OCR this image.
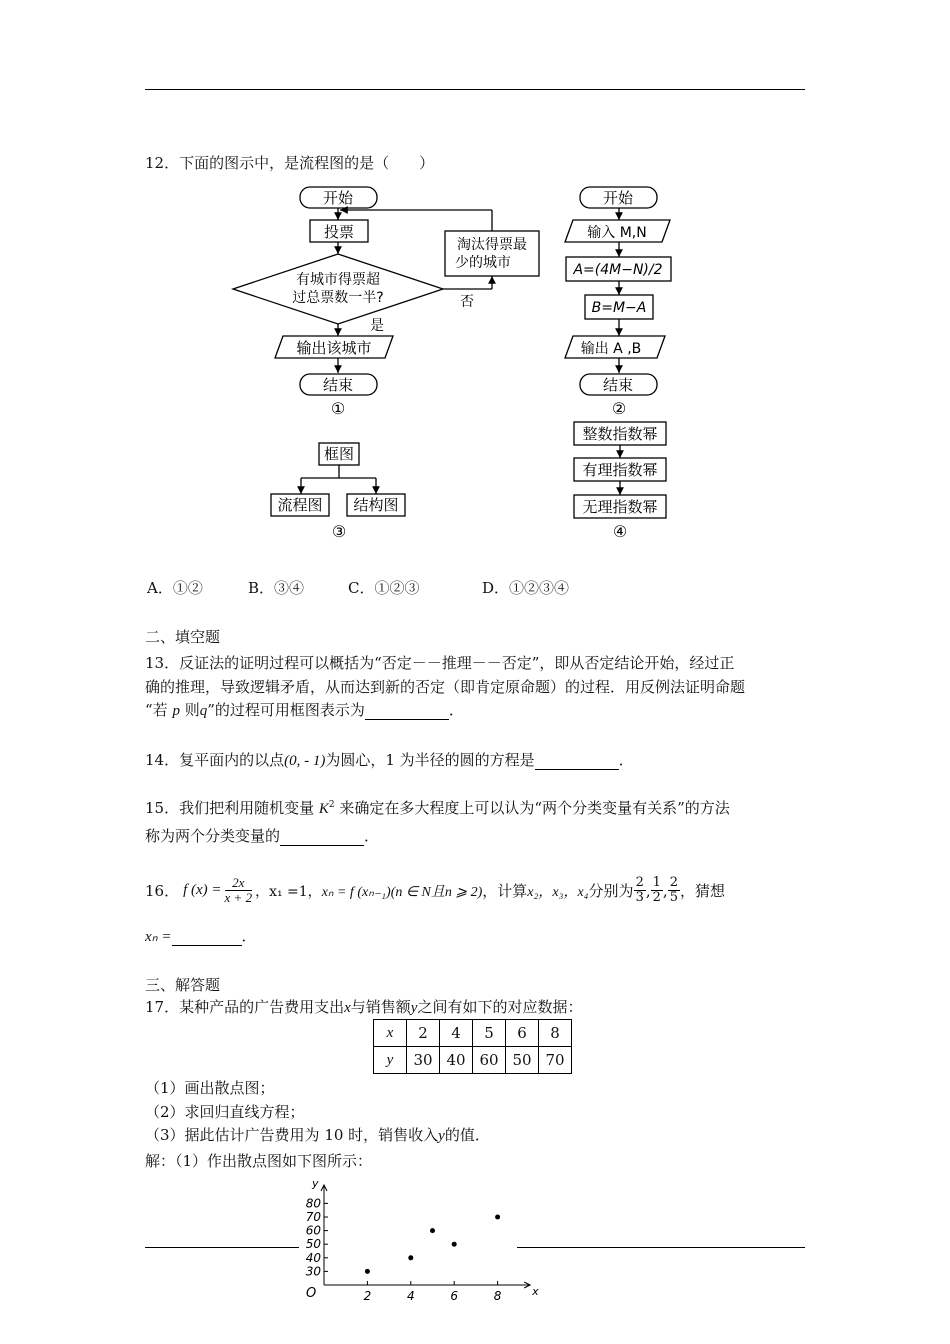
12．下面的图示中，是流程图的是（　　）
开始
投票
有城市得票超
过总票数一半?
输出该城市
结束
①
淘汰得票最
少的城市
否
是
开始
输入 M,N
A=(4M−N)/2
B=M−A
输出 A ,B
结束
②
框图
流程图 结构图
③
整数指数幂
有理指数幂
无理指数幂
④
A．①②	B．③④	C．①②③	D．①②③④
二、填空题
13．反证法的证明过程可以概括为“否定－－推理－－否定”，即从否定结论开始，经过正
确的推理，导致逻辑矛盾，从而达到新的否定（即肯定原命题）的过程．用反例法证明命题
“若 p 则q”的过程可用框图表示为	．
14．复平面内的以点(0, - 1)为圆心，1 为半径的圆的方程是	．
15．我们把利用随机变量 $K^2$ 来确定在多大程度上可以认为“两个分类变量有关系”的方法
称为两个分类变量的	．
16． f $(x) = \frac{2x}{x + 2}$ ，x₁ =1， xₙ = f (xₙ₋₁)(n ∈ N且n ⩾ 2) ，计算 x₂，x₃，x₄ 分别为 $\frac{2}{3}$ , $\frac{1}{2}$ , $\frac{2}{5}$ ，猜想
xₙ =	．
三、解答题
17．某种产品的广告费用支出x与销售额y之间有如下的对应数据：
x	2	4	5	6	8
y	30	40	60	50	70
（1）画出散点图；
（2）求回归直线方程；
（3）据此估计广告费用为 10 时，销售收入y的值．
解：（1）作出散点图如下图所示：
2	4	6	8
30
40
50
60
70
80
x
y
O
